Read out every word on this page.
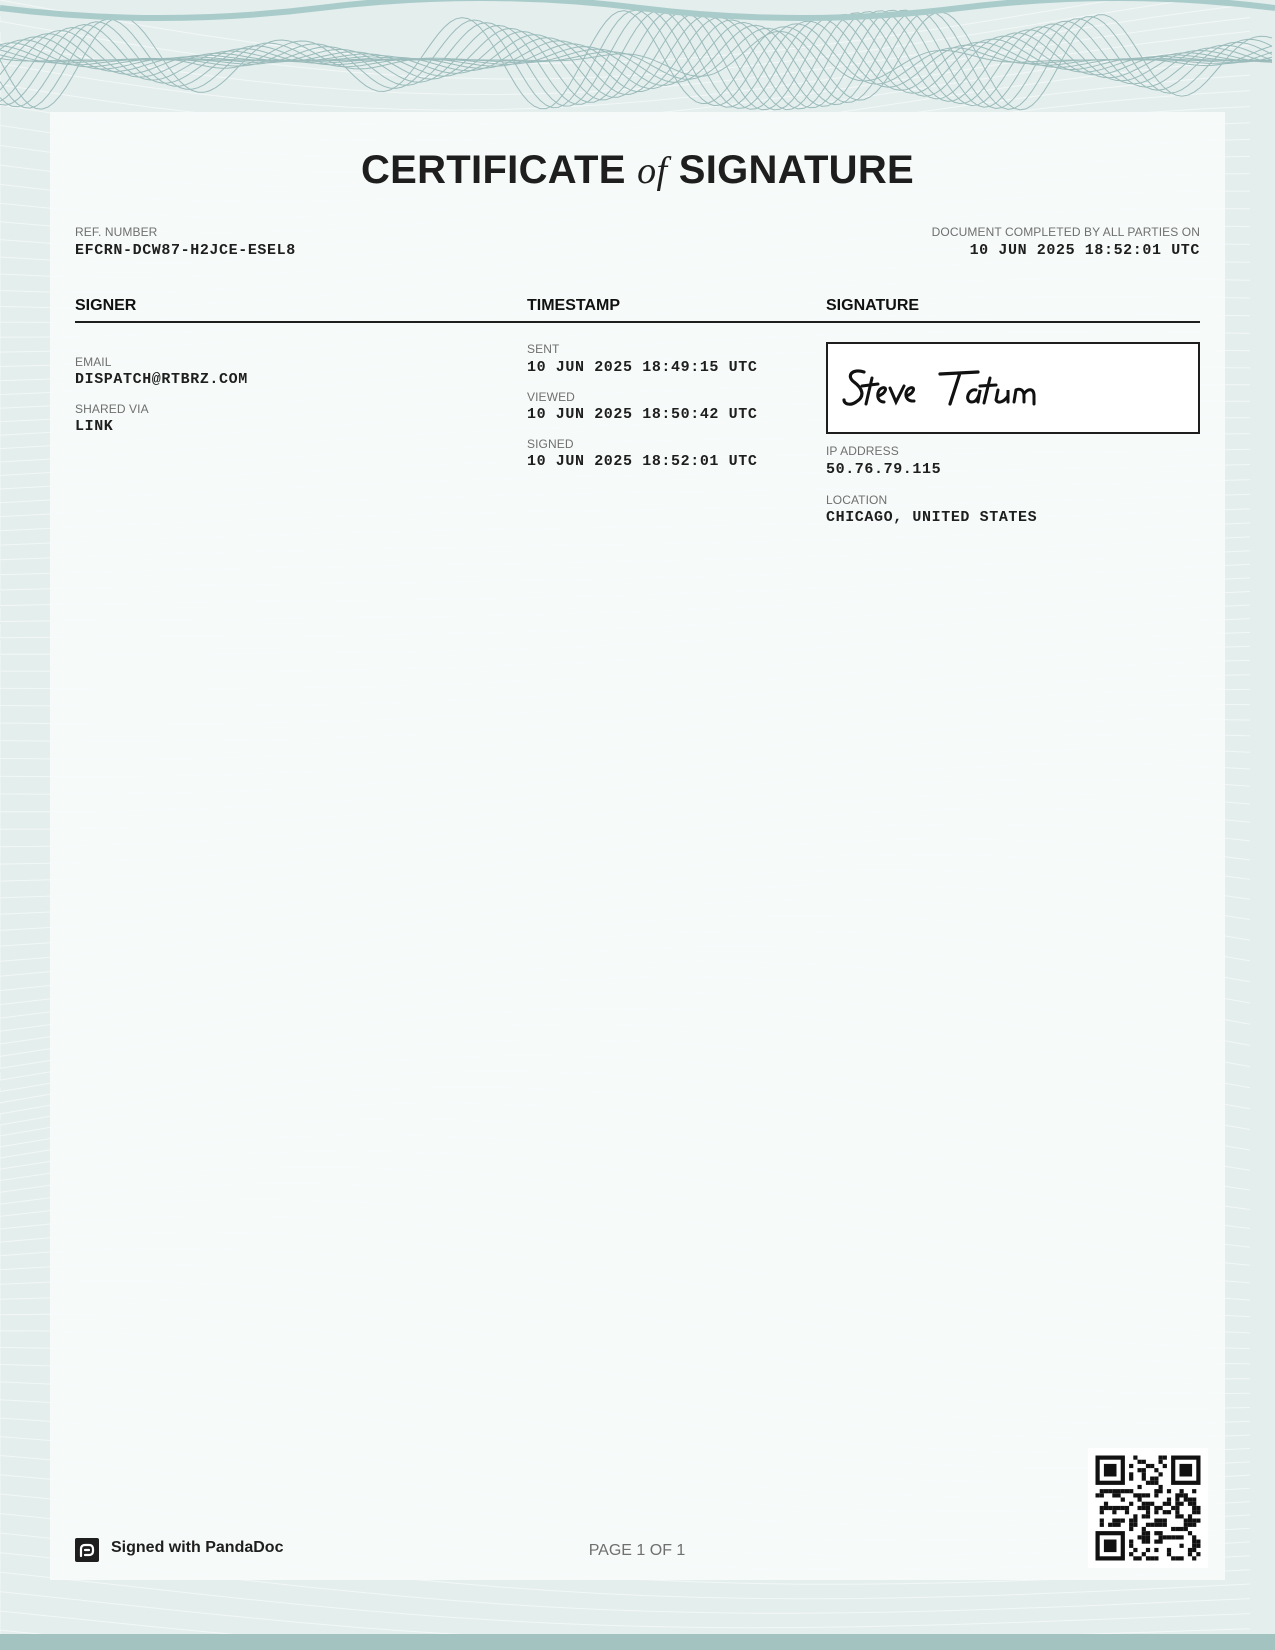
CERTIFICATE of SIGNATURE
REF. NUMBER
EFCRN-DCW87-H2JCE-ESEL8
DOCUMENT COMPLETED BY ALL PARTIES ON
10 JUN 2025 18:52:01 UTC
SIGNER	TIMESTAMP	SIGNATURE
EMAIL
DISPATCH@RTBRZ.COM
SHARED VIA
LINK
SENT
10 JUN 2025 18:49:15 UTC
VIEWED
10 JUN 2025 18:50:42 UTC
SIGNED
10 JUN 2025 18:52:01 UTC
IP ADDRESS
50.76.79.115
LOCATION
CHICAGO, UNITED STATES
Signed with PandaDoc	PAGE 1 OF 1
